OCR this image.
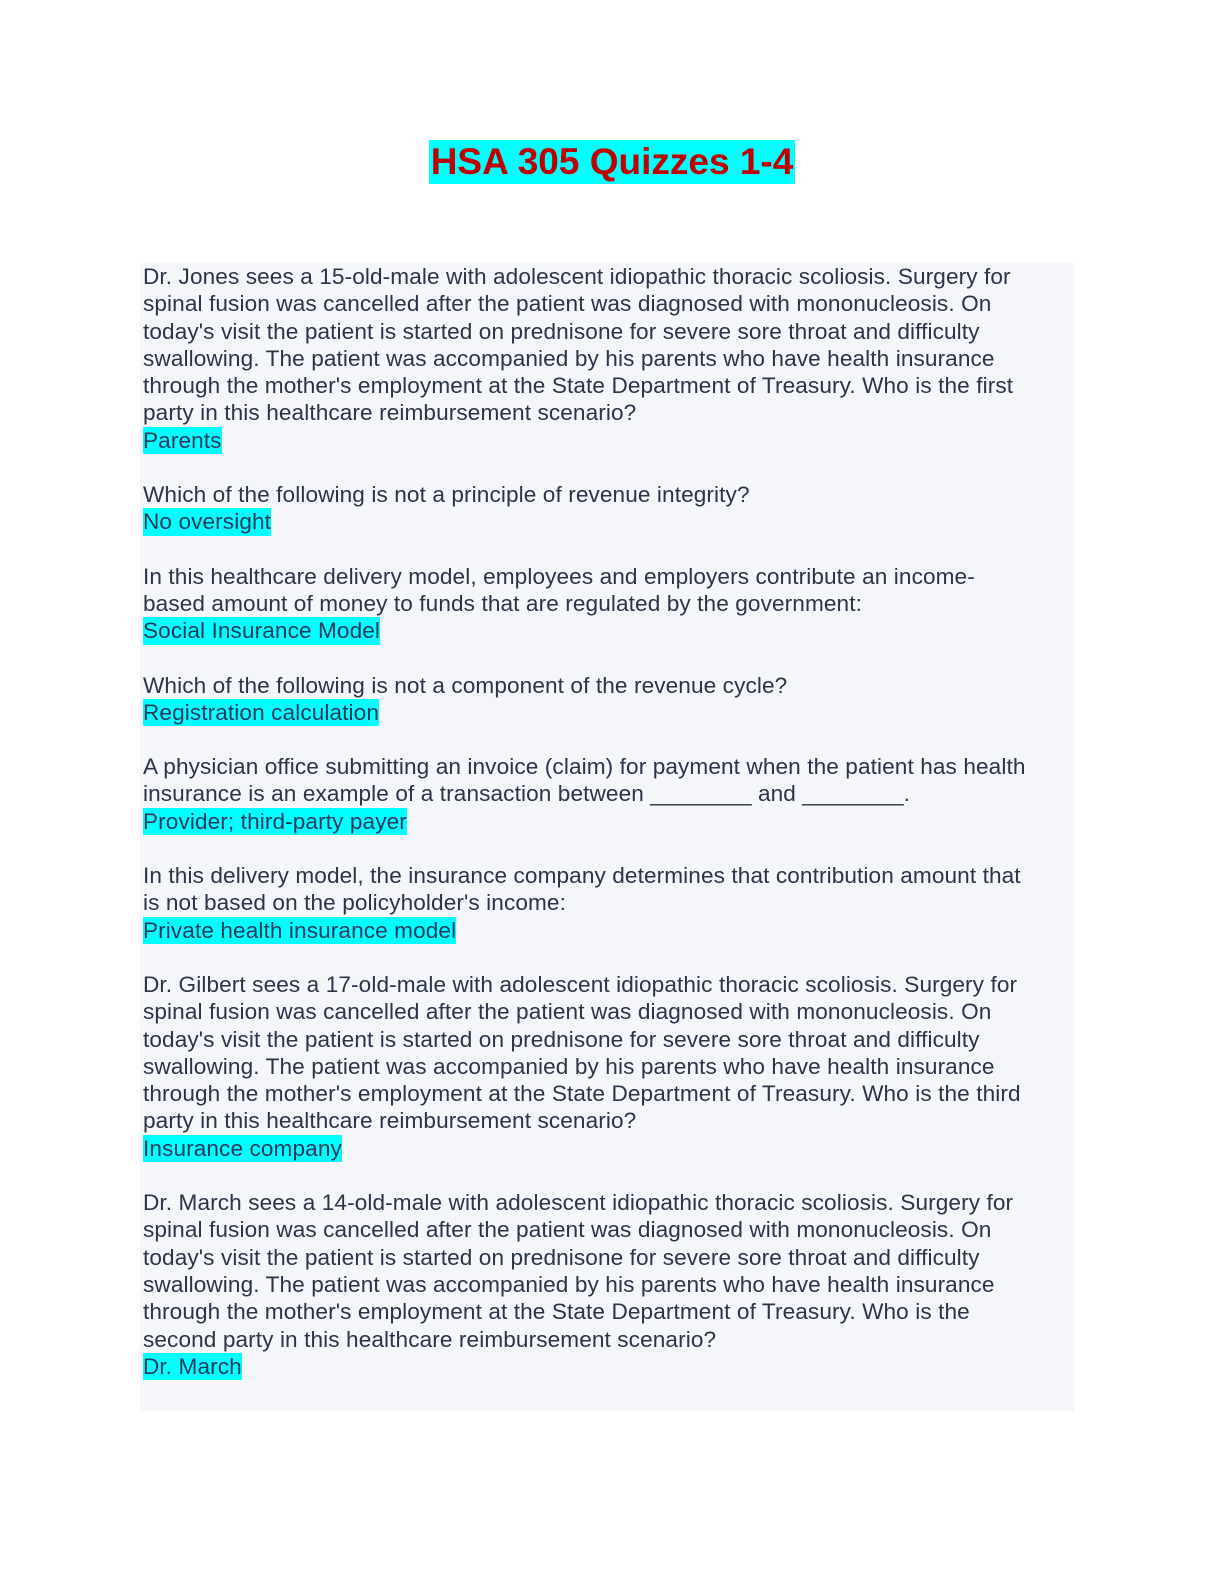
HSA 305 Quizzes 1-4
Dr. Jones sees a 15-old-male with adolescent idiopathic thoracic scoliosis. Surgery for
spinal fusion was cancelled after the patient was diagnosed with mononucleosis. On
today's visit the patient is started on prednisone for severe sore throat and difficulty
swallowing. The patient was accompanied by his parents who have health insurance
through the mother's employment at the State Department of Treasury. Who is the first
party in this healthcare reimbursement scenario?
Parents
Which of the following is not a principle of revenue integrity?
No oversight
In this healthcare delivery model, employees and employers contribute an income-
based amount of money to funds that are regulated by the government:
Social Insurance Model
Which of the following is not a component of the revenue cycle?
Registration calculation
A physician office submitting an invoice (claim) for payment when the patient has health
insurance is an example of a transaction between ________ and ________.
Provider; third-party payer
In this delivery model, the insurance company determines that contribution amount that
is not based on the policyholder's income:
Private health insurance model
Dr. Gilbert sees a 17-old-male with adolescent idiopathic thoracic scoliosis. Surgery for
spinal fusion was cancelled after the patient was diagnosed with mononucleosis. On
today's visit the patient is started on prednisone for severe sore throat and difficulty
swallowing. The patient was accompanied by his parents who have health insurance
through the mother's employment at the State Department of Treasury. Who is the third
party in this healthcare reimbursement scenario?
Insurance company
Dr. March sees a 14-old-male with adolescent idiopathic thoracic scoliosis. Surgery for
spinal fusion was cancelled after the patient was diagnosed with mononucleosis. On
today's visit the patient is started on prednisone for severe sore throat and difficulty
swallowing. The patient was accompanied by his parents who have health insurance
through the mother's employment at the State Department of Treasury. Who is the
second party in this healthcare reimbursement scenario?
Dr. March
